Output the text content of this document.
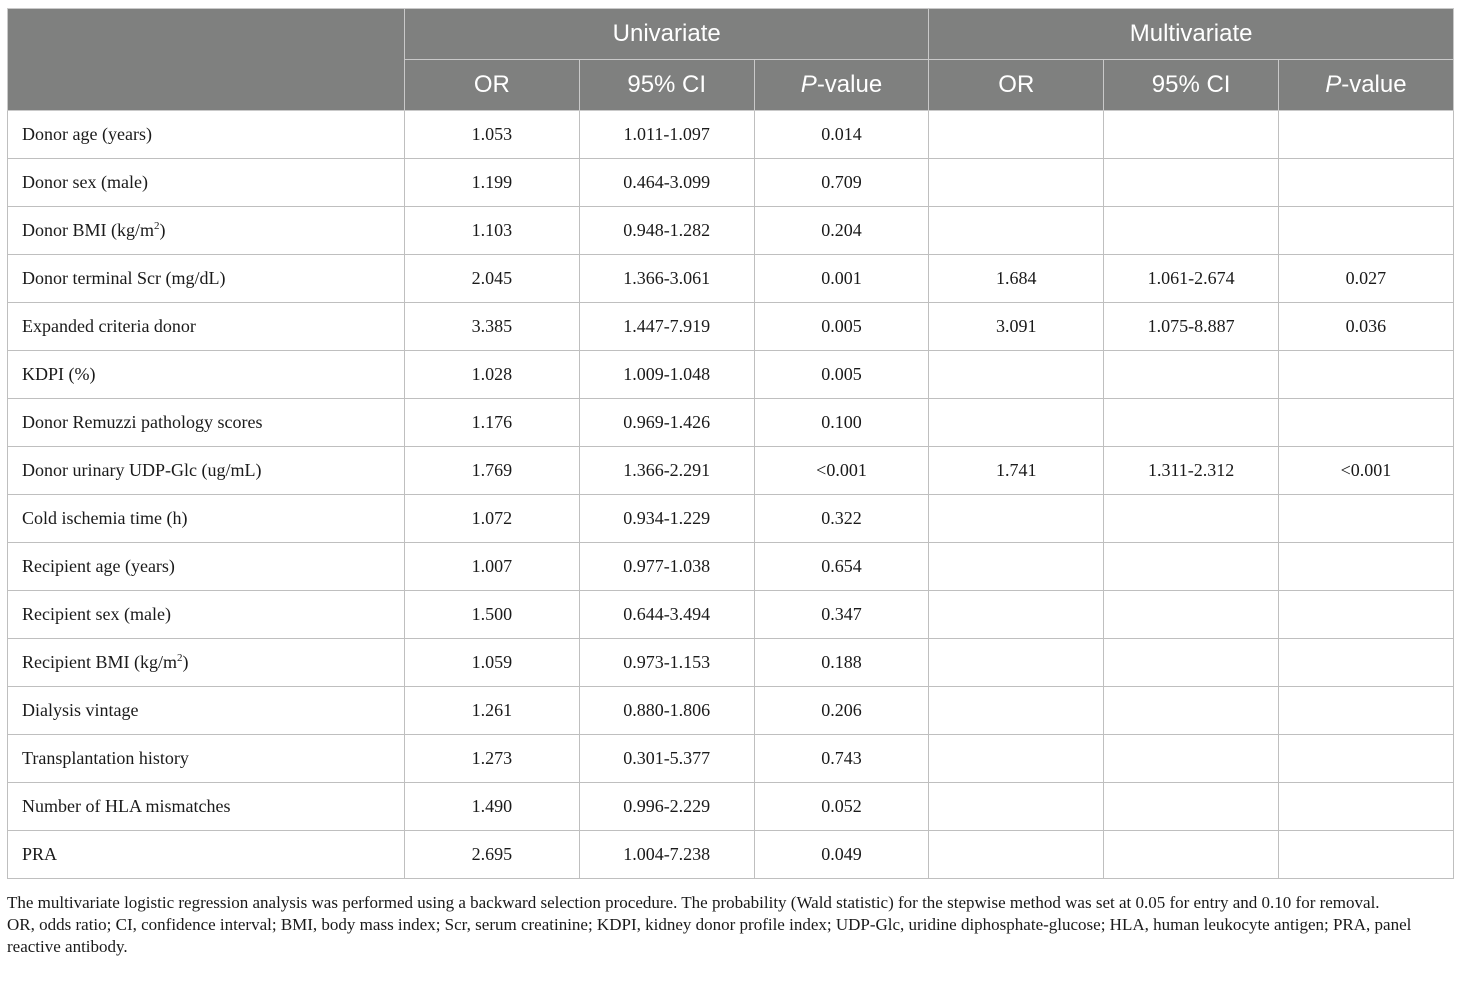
	Univariate			Multivariate		
	OR	95% CI	P-value	OR	95% CI	P-value
Donor age (years)	1.053	1.011-1.097	0.014			
Donor sex (male)	1.199	0.464-3.099	0.709			
Donor BMI $(kg/m^2)$	1.103	0.948-1.282	0.204			
Donor terminal Scr (mg/dL)	2.045	1.366-3.061	0.001	1.684	1.061-2.674	0.027
Expanded criteria donor	3.385	1.447-7.919	0.005	3.091	1.075-8.887	0.036
KDPI (%)	1.028	1.009-1.048	0.005			
Donor Remuzzi pathology scores	1.176	0.969-1.426	0.100			
Donor urinary UDP-Glc (ug/mL)	1.769	1.366-2.291	<0.001	1.741	1.311-2.312	<0.001
Cold ischemia time (h)	1.072	0.934-1.229	0.322			
Recipient age (years)	1.007	0.977-1.038	0.654			
Recipient sex (male)	1.500	0.644-3.494	0.347			
Recipient BMI $(kg/m^2)$	1.059	0.973-1.153	0.188			
Dialysis vintage	1.261	0.880-1.806	0.206			
Transplantation history	1.273	0.301-5.377	0.743			
Number of HLA mismatches	1.490	0.996-2.229	0.052			
PRA	2.695	1.004-7.238	0.049			

The multivariate logistic regression analysis was performed using a backward selection procedure. The probability (Wald statistic) for the stepwise method was set at 0.05 for entry and 0.10 for removal.

OR, odds ratio; CI, confidence interval; BMI, body mass index; Scr, serum creatinine; KDPI, kidney donor profile index; UDP-Glc, uridine diphosphate-glucose; HLA, human leukocyte antigen; PRA, panel reactive antibody.
